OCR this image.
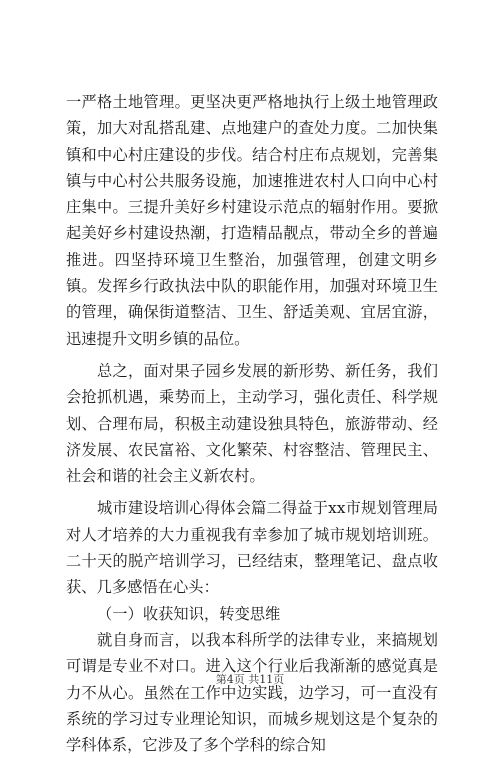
一严格土地管理。更坚决更严格地执行上级土地管理政策，加大对乱搭乱建、点地建户的查处力度。二加快集镇和中心村庄建设的步伐。结合村庄布点规划，完善集镇与中心村公共服务设施，加速推进农村人口向中心村庄集中。三提升美好乡村建设示范点的辐射作用。要掀起美好乡村建设热潮，打造精品靓点，带动全乡的普遍推进。四坚持环境卫生整治，加强管理，创建文明乡镇。发挥乡行政执法中队的职能作用，加强对环境卫生的管理，确保街道整洁、卫生、舒适美观、宜居宜游，迅速提升文明乡镇的品位。

总之，面对果子园乡发展的新形势、新任务，我们会抢抓机遇，乘势而上，主动学习，强化责任、科学规划、合理布局，积极主动建设独具特色，旅游带动、经济发展、农民富裕、文化繁荣、村容整洁、管理民主、社会和谐的社会主义新农村。

城市建设培训心得体会篇二得益于xx市规划管理局对人才培养的大力重视我有幸参加了城市规划培训班。二十天的脱产培训学习，已经结束，整理笔记、盘点收获、几多感悟在心头：

（一）收获知识，转变思维

就自身而言，以我本科所学的法律专业，来搞规划可谓是专业不对口。进入这个行业后我渐渐的感觉真是力不从心。虽然在工作中边实践，边学习，可一直没有系统的学习过专业理论知识，而城乡规划这是个复杂的学科体系，它涉及了多个学科的综合知

第4页 共11页
